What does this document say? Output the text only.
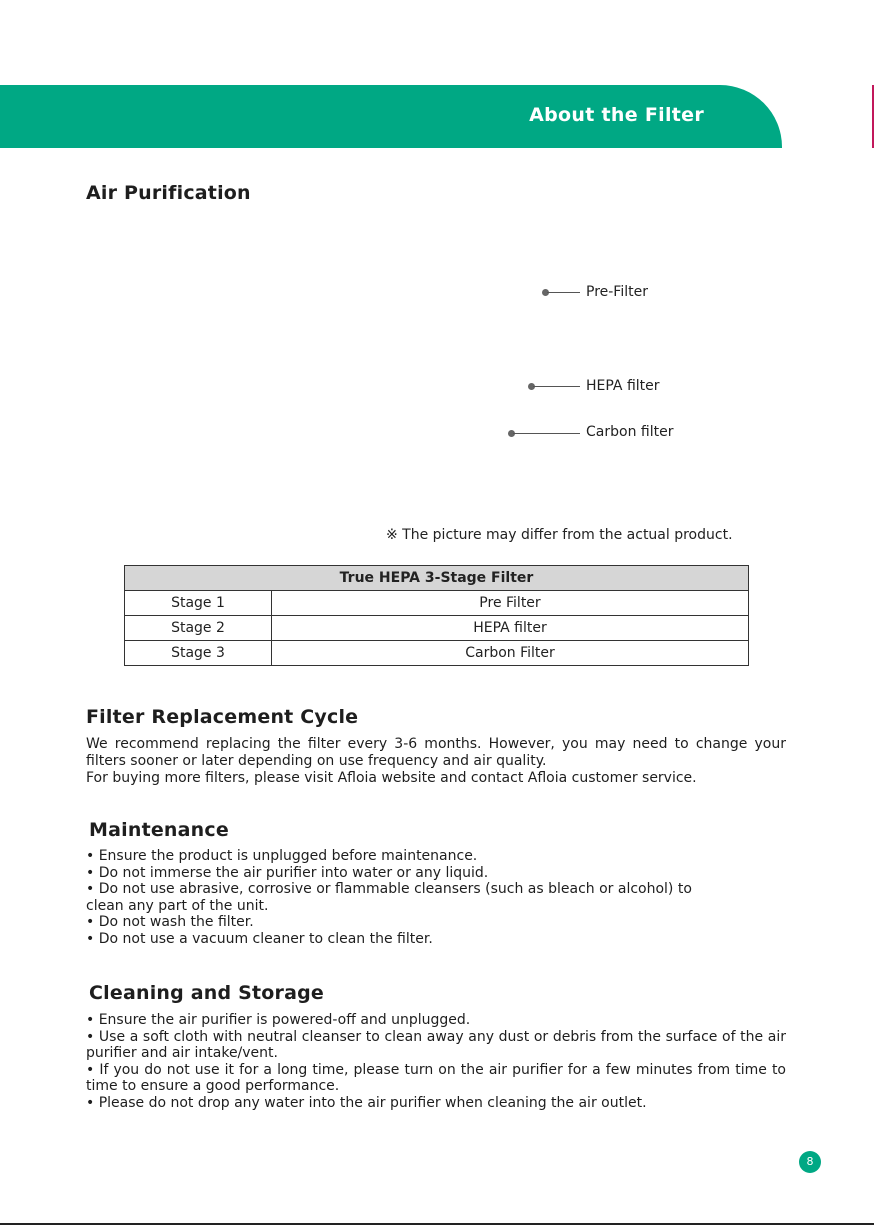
About the Filter
Air Purification
Pre-Filter
HEPA filter
Carbon filter
※ The picture may differ from the actual product.
True HEPA 3-Stage Filter	
Stage 1	Pre Filter
Stage 2	HEPA filter
Stage 3	Carbon Filter
Filter Replacement Cycle

We recommend replacing the filter every 3-6 months. However, you may need to change your filters sooner or later depending on use frequency and air quality.

For buying more filters, please visit Afloia website and contact Afloia customer service.

Maintenance
• Ensure the product is unplugged before maintenance.
• Do not immerse the air purifier into water or any liquid.
• Do not use abrasive, corrosive or flammable cleansers (such as bleach or alcohol) to clean any part of the unit.
• Do not wash the filter.
• Do not use a vacuum cleaner to clean the filter.
Cleaning and Storage
• Ensure the air purifier is powered-off and unplugged.
• Use a soft cloth with neutral cleanser to clean away any dust or debris from the surface of the air purifier and air intake/vent.
• If you do not use it for a long time, please turn on the air purifier for a few minutes from time to time to ensure a good performance.
• Please do not drop any water into the air purifier when cleaning the air outlet.
8
